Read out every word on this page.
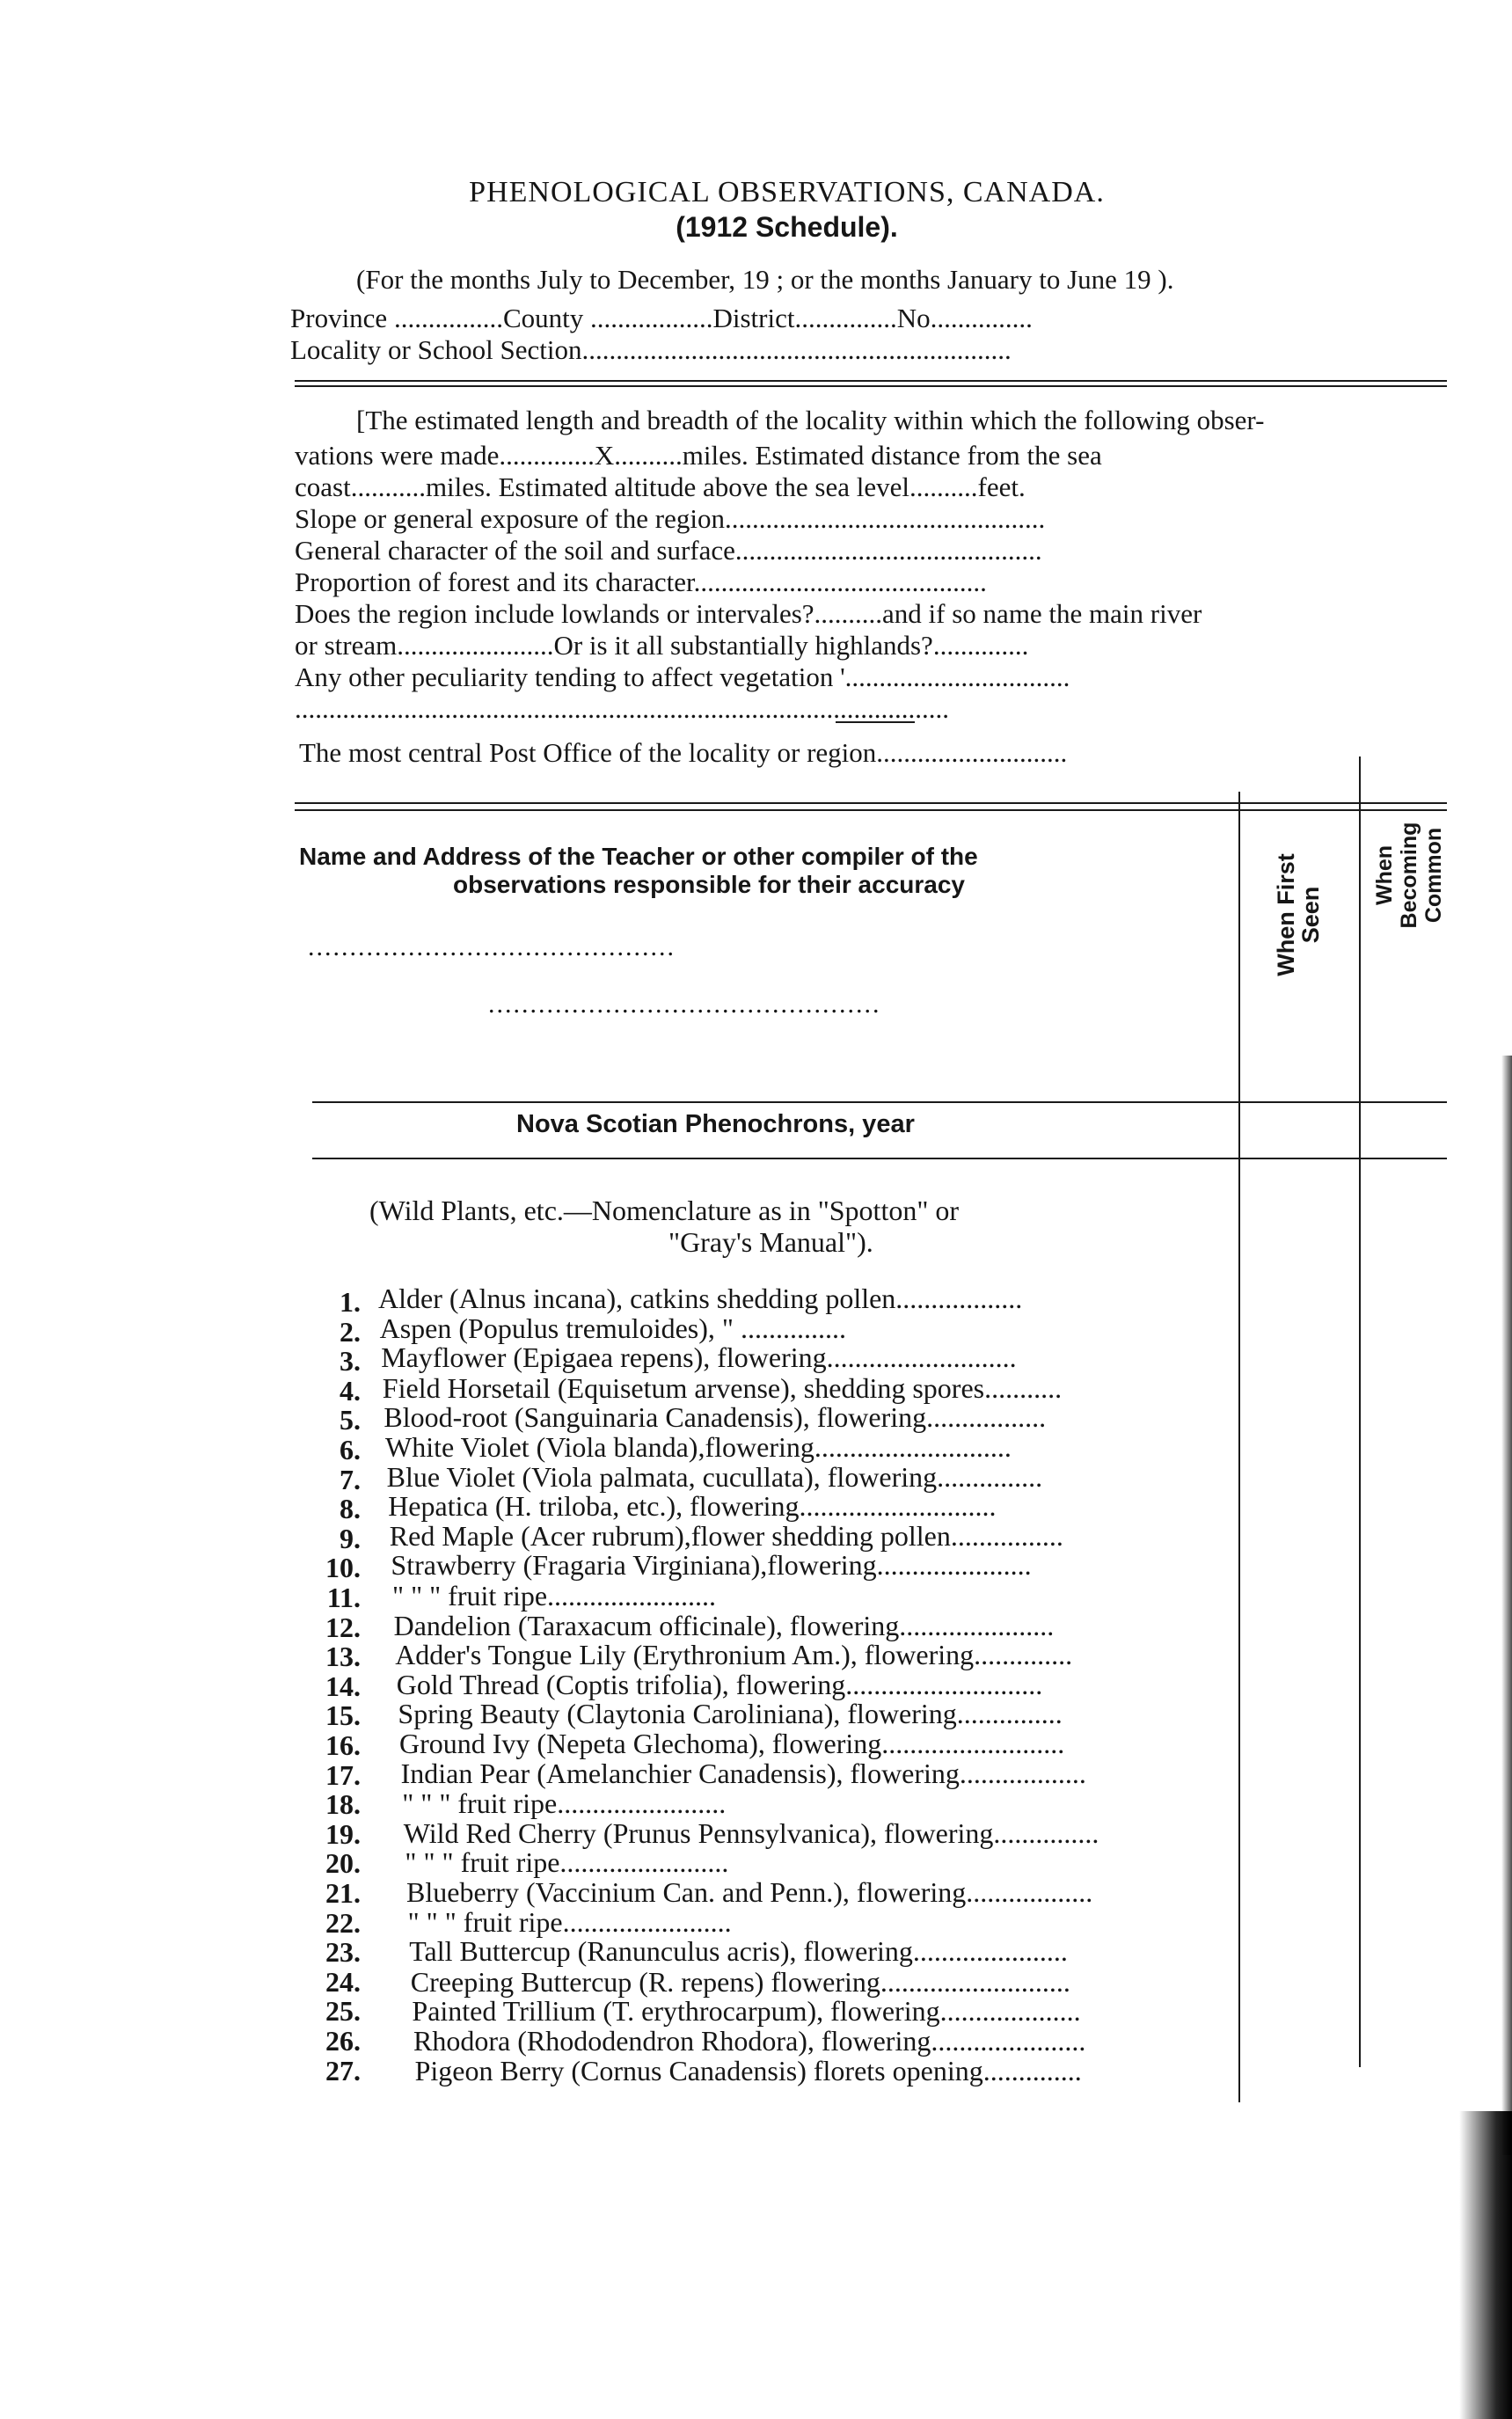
PHENOLOGICAL OBSERVATIONS, CANADA.
(1912 Schedule).
(For the months July to December, 19 ; or the months January to June 19 ).
Province ................County ..................District...............No...............
Locality or School Section...............................................................
[The estimated length and breadth of the locality within which the following obser-
vations were made..............X..........miles. Estimated distance from the sea
coast...........miles. Estimated altitude above the sea level..........feet.
Slope or general exposure of the region...............................................
General character of the soil and surface.............................................
Proportion of forest and its character...........................................
Does the region include lowlands or intervales?..........and if so name the main river
or stream.......................Or is it all substantially highlands?..............
Any other peculiarity tending to affect vegetation '.................................
................................................................................................
The most central Post Office of the locality or region............................
When First Seen
When Becoming Common
Name and Address of the Teacher or other compiler of the
observations responsible for their accuracy
............................................
...............................................
Nova Scotian Phenochrons, year
(Wild Plants, etc.—Nomenclature as in "Spotton" or
"Gray's Manual").
1. Alder (Alnus incana), catkins shedding pollen..................
2. Aspen (Populus tremuloides), " ...............
3. Mayflower (Epigaea repens), flowering...........................
4. Field Horsetail (Equisetum arvense), shedding spores...........
5. Blood-root (Sanguinaria Canadensis), flowering.................
6. White Violet (Viola blanda),flowering............................
7. Blue Violet (Viola palmata, cucullata), flowering...............
8. Hepatica (H. triloba, etc.), flowering............................
9. Red Maple (Acer rubrum),flower shedding pollen................
10. Strawberry (Fragaria Virginiana),flowering......................
11. " " " fruit ripe........................
12. Dandelion (Taraxacum officinale), flowering......................
13. Adder's Tongue Lily (Erythronium Am.), flowering..............
14. Gold Thread (Coptis trifolia), flowering............................
15. Spring Beauty (Claytonia Caroliniana), flowering...............
16. Ground Ivy (Nepeta Glechoma), flowering..........................
17. Indian Pear (Amelanchier Canadensis), flowering..................
18. " " " fruit ripe........................
19. Wild Red Cherry (Prunus Pennsylvanica), flowering...............
20. " " " fruit ripe........................
21. Blueberry (Vaccinium Can. and Penn.), flowering..................
22. " " " fruit ripe........................
23. Tall Buttercup (Ranunculus acris), flowering......................
24. Creeping Buttercup (R. repens) flowering...........................
25. Painted Trillium (T. erythrocarpum), flowering....................
26. Rhodora (Rhododendron Rhodora), flowering......................
27. Pigeon Berry (Cornus Canadensis) florets opening..............
